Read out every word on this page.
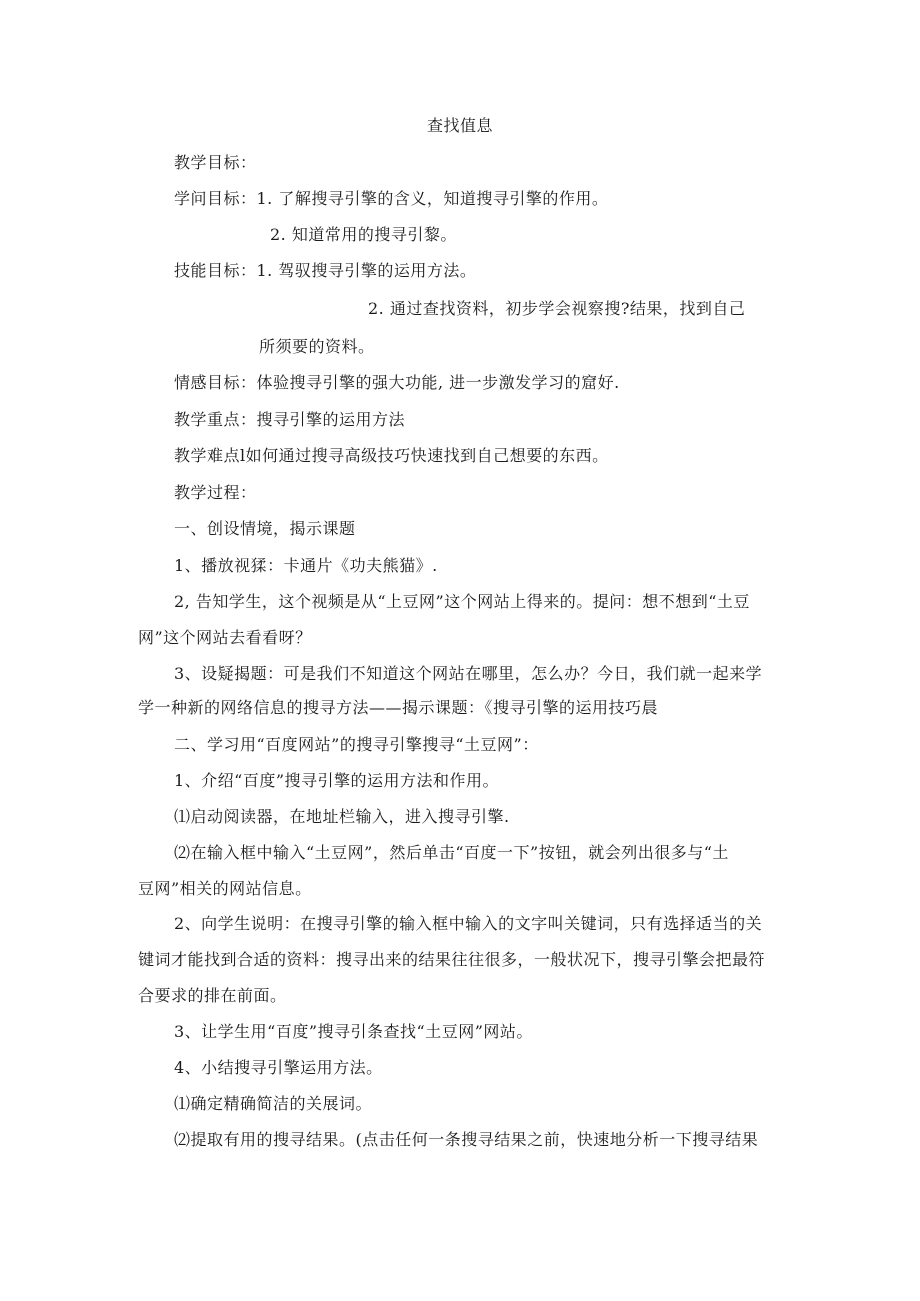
查找值息
教学目标：
学问目标：1. 了解搜寻引擎的含义，知道搜寻引擎的作用。
2. 知道常用的搜寻引黎。
技能目标：1. 驾驭搜寻引擎的运用方法。
2. 通过查找资料，初步学会视察搜?结果，找到自己
所须要的资料。
情感目标：体验搜寻引擎的强大功能, 进一步激发学习的窟好.
教学重点：搜寻引擎的运用方法
教学难点l如何通过搜寻高级技巧快速找到自己想要的东西。
教学过程：
一、创设情境，揭示课题
1、播放视猱：卡通片《功夫熊猫》.
2, 告知学生，这个视频是从“上豆网”这个网站上得来的。提问：想不想到“土豆
网”这个网站去看看呀？
3、设疑揭题：可是我们不知道这个网站在哪里，怎么办？今日，我们就一起来学
学一种新的网络信息的搜寻方法——揭示课题：《搜寻引擎的运用技巧晨
二、学习用“百度网站”的搜寻引擎搜寻“土豆网”：
1、介绍“百度”搜寻引擎的运用方法和作用。
⑴启动阅读器，在地址栏输入，进入搜寻引擎.
⑵在输入框中输入“土豆网”，然后单击“百度一下”按钮，就会列出很多与“土
豆网”相关的网站信息。
2、向学生说明：在搜寻引擎的输入框中输入的文字叫关键词，只有选择适当的关
键词才能找到合适的资料：搜寻出来的结果往往很多，一般状况下，搜寻引擎会把最符
合要求的排在前面。
3、让学生用“百度”搜寻引条查找“土豆网”网站。
4、小结搜寻引擎运用方法。
⑴确定精确简洁的关展词。
⑵提取有用的搜寻结果。(点击任何一条搜寻结果之前，快速地分析一下搜寻结果
